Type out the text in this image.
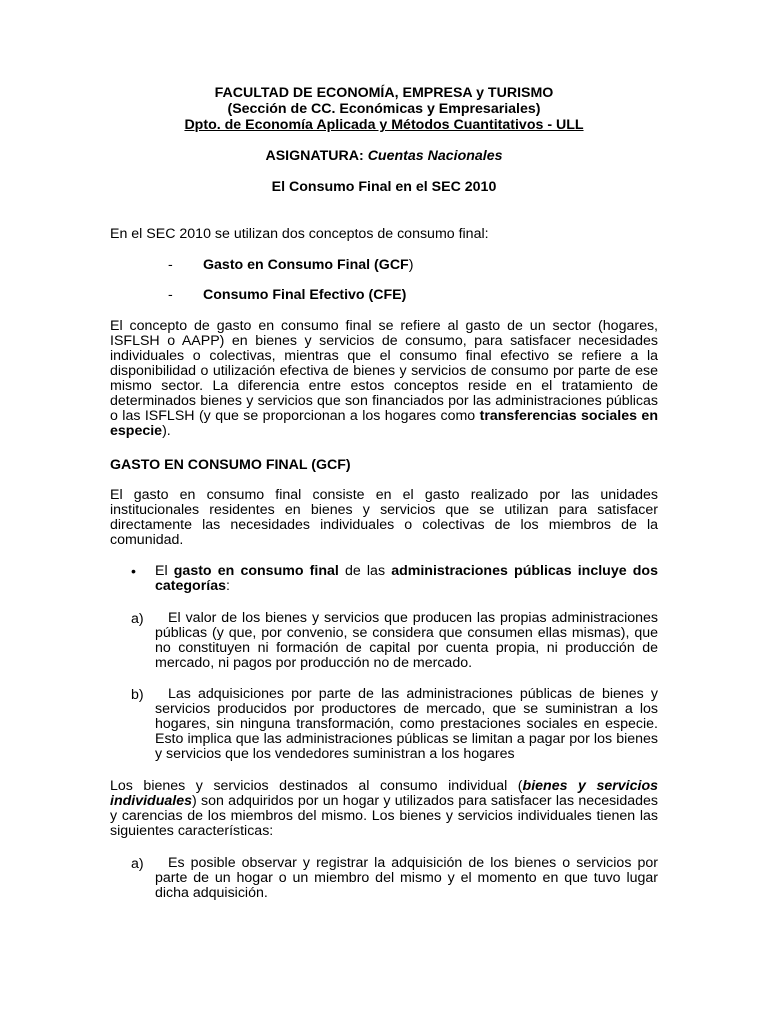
FACULTAD DE ECONOMÍA, EMPRESA y TURISMO
(Sección de CC. Económicas y Empresariales)
Dpto. de Economía Aplicada y Métodos Cuantitativos - ULL
ASIGNATURA: Cuentas Nacionales
El Consumo Final en el SEC 2010
En el SEC 2010 se utilizan dos conceptos de consumo final:
- Gasto en Consumo Final (GCF)
- Consumo Final Efectivo (CFE)
El concepto de gasto en consumo final se refiere al gasto de un sector (hogares,
ISFLSH o AAPP) en bienes y servicios de consumo, para satisfacer necesidades
individuales o colectivas, mientras que el consumo final efectivo se refiere a la
disponibilidad o utilización efectiva de bienes y servicios de consumo por parte de ese
mismo sector. La diferencia entre estos conceptos reside en el tratamiento de
determinados bienes y servicios que son financiados por las administraciones públicas
o las ISFLSH (y que se proporcionan a los hogares como transferencias sociales en
especie).
GASTO EN CONSUMO FINAL (GCF)
El gasto en consumo final consiste en el gasto realizado por las unidades
institucionales residentes en bienes y servicios que se utilizan para satisfacer
directamente las necesidades individuales o colectivas de los miembros de la
comunidad.
• El gasto en consumo final de las administraciones públicas incluye dos
categorías:
a)	El valor de los bienes y servicios que producen las propias administraciones
públicas (y que, por convenio, se considera que consumen ellas mismas), que
no constituyen ni formación de capital por cuenta propia, ni producción de
mercado, ni pagos por producción no de mercado.
b)	Las adquisiciones por parte de las administraciones públicas de bienes y
servicios producidos por productores de mercado, que se suministran a los
hogares, sin ninguna transformación, como prestaciones sociales en especie.
Esto implica que las administraciones públicas se limitan a pagar por los bienes
y servicios que los vendedores suministran a los hogares
Los bienes y servicios destinados al consumo individual (bienes y servicios
individuales) son adquiridos por un hogar y utilizados para satisfacer las necesidades
y carencias de los miembros del mismo. Los bienes y servicios individuales tienen las
siguientes características:
a)	Es posible observar y registrar la adquisición de los bienes o servicios por
parte de un hogar o un miembro del mismo y el momento en que tuvo lugar
dicha adquisición.
